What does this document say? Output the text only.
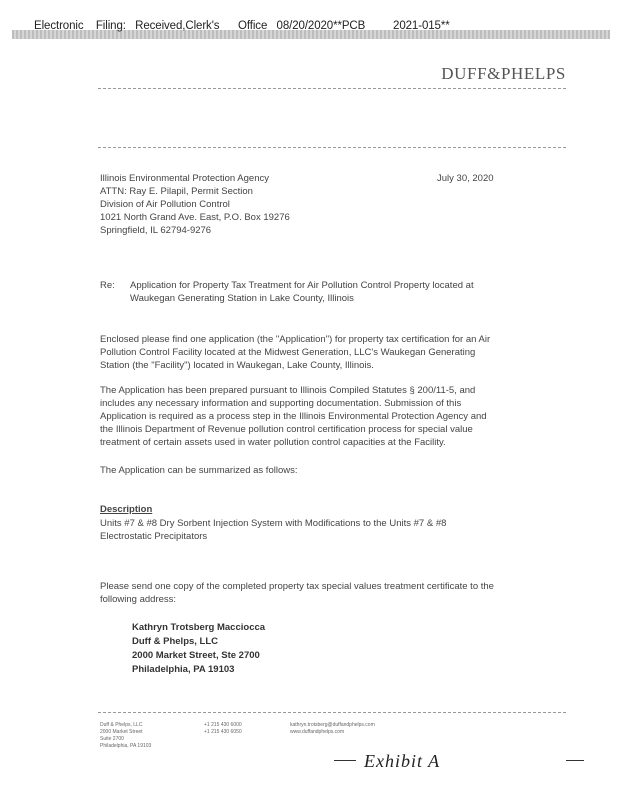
Electronic    Filing:   Received,Clerk's      Office   08/20/2020**PCB         2021-015**
DUFF&PHELPS
Illinois Environmental Protection Agency
ATTN: Ray E. Pilapil, Permit Section
Division of Air Pollution Control
1021 North Grand Ave. East, P.O. Box 19276
Springfield, IL 62794-9276
July 30, 2020
Re:	Application for Property Tax Treatment for Air Pollution Control Property located at Waukegan Generating Station in Lake County, Illinois
Enclosed please find one application (the "Application") for property tax certification for an Air Pollution Control Facility located at the Midwest Generation, LLC's Waukegan Generating Station (the "Facility") located in Waukegan, Lake County, Illinois.
The Application has been prepared pursuant to Illinois Compiled Statutes § 200/11-5, and includes any necessary information and supporting documentation. Submission of this Application is required as a process step in the Illinois Environmental Protection Agency and the Illinois Department of Revenue pollution control certification process for special value treatment of certain assets used in water pollution control capacities at the Facility.
The Application can be summarized as follows:
Description
Units #7 & #8 Dry Sorbent Injection System with Modifications to the Units #7 & #8 Electrostatic Precipitators
Please send one copy of the completed property tax special values treatment certificate to the following address:
Kathryn Trotsberg Macciocca
Duff & Phelps, LLC
2000 Market Street, Ste 2700
Philadelphia, PA 19103
Duff & Phelps, LLC
2000 Market Street
Suite 2700
Philadelphia, PA 19103
+1 215 430 6000
+1 215 430 6050
kathryn.trotsberg@duffandphelps.com
www.duffandphelps.com
Exhibit A
